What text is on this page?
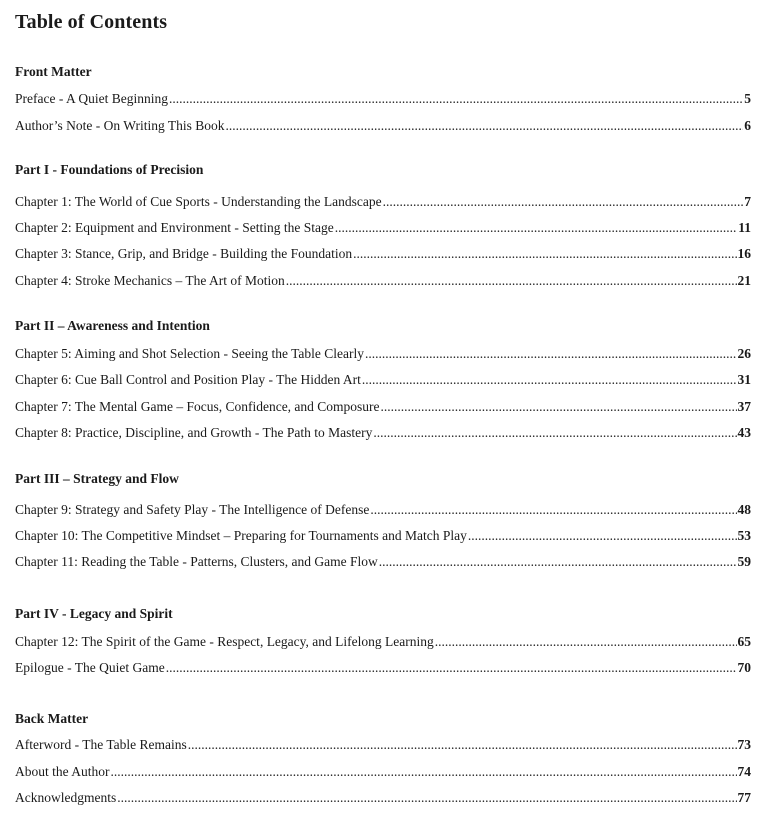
Table of Contents
Front Matter
Preface - A Quiet Beginning .....	5
Author’s Note - On Writing This Book .....	6
Part I - Foundations of Precision
Chapter 1: The World of Cue Sports - Understanding the Landscape .....	7
Chapter 2: Equipment and Environment - Setting the Stage .....	11
Chapter 3: Stance, Grip, and Bridge - Building the Foundation .....	16
Chapter 4: Stroke Mechanics – The Art of Motion .....	21
Part II – Awareness and Intention
Chapter 5: Aiming and Shot Selection - Seeing the Table Clearly .....	26
Chapter 6: Cue Ball Control and Position Play - The Hidden Art .....	31
Chapter 7: The Mental Game – Focus, Confidence, and Composure .....	37
Chapter 8: Practice, Discipline, and Growth - The Path to Mastery .....	43
Part III – Strategy and Flow
Chapter 9: Strategy and Safety Play - The Intelligence of Defense .....	48
Chapter 10: The Competitive Mindset – Preparing for Tournaments and Match Play .....	53
Chapter 11: Reading the Table - Patterns, Clusters, and Game Flow .....	59
Part IV - Legacy and Spirit
Chapter 12: The Spirit of the Game - Respect, Legacy, and Lifelong Learning .....	65
Epilogue - The Quiet Game .....	70
Back Matter
Afterword - The Table Remains .....	73
About the Author .....	74
Acknowledgments .....	77
